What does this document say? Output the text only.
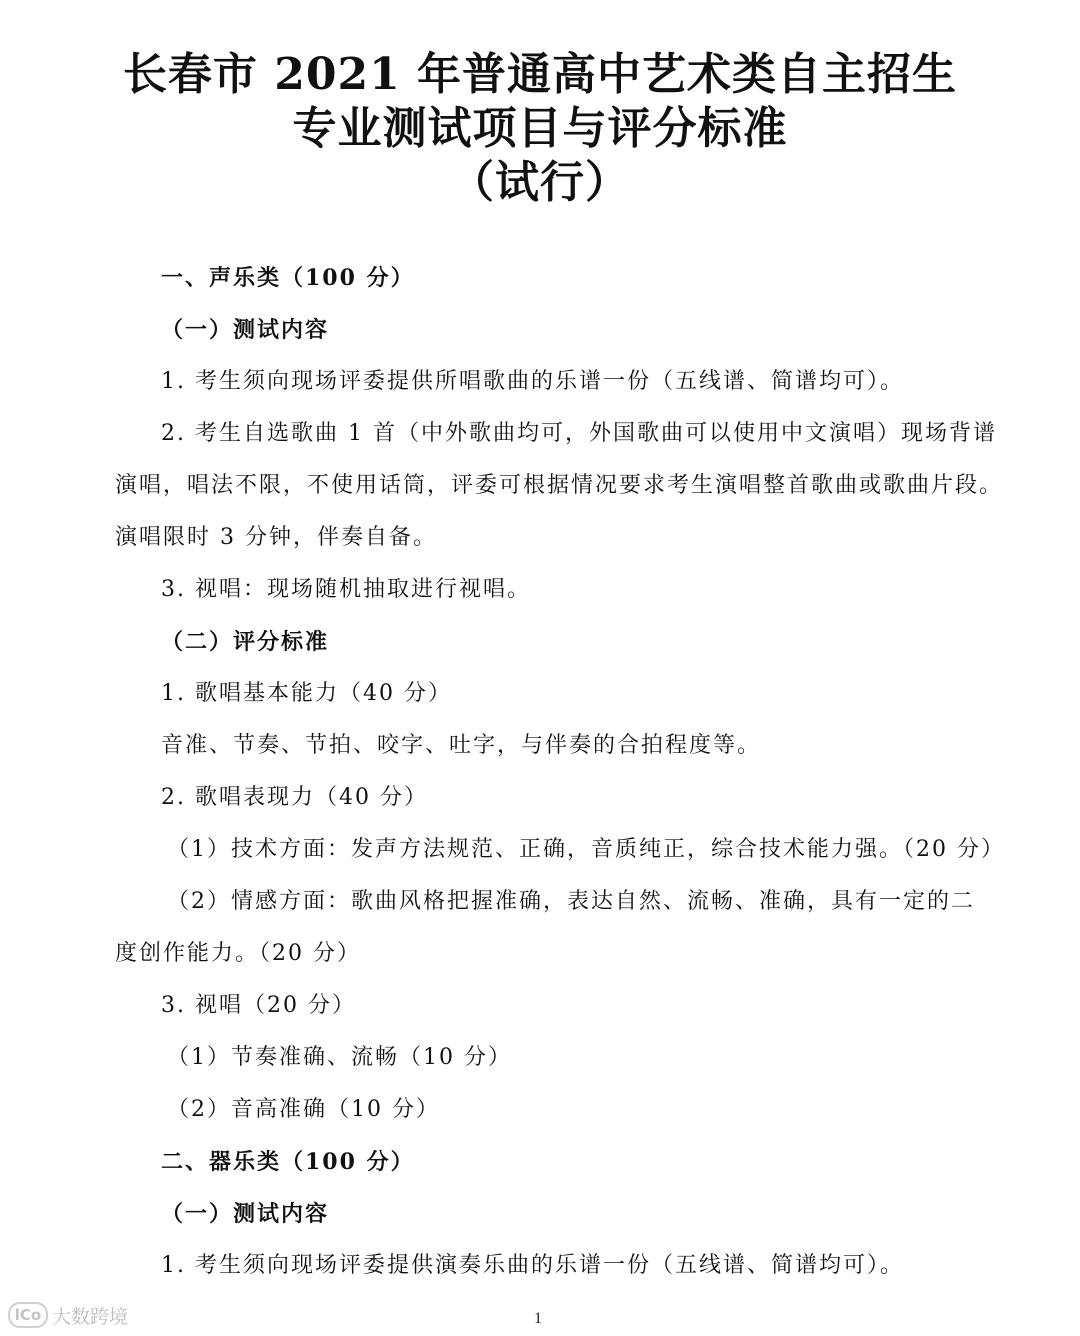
长春市 2021 年普通高中艺术类自主招生
专业测试项目与评分标准
（试行）
一、声乐类（100 分）
（一）测试内容
1. 考生须向现场评委提供所唱歌曲的乐谱一份（五线谱、简谱均可）。
2. 考生自选歌曲 1 首（中外歌曲均可，外国歌曲可以使用中文演唱）现场背谱
演唱，唱法不限，不使用话筒，评委可根据情况要求考生演唱整首歌曲或歌曲片段。
演唱限时 3 分钟，伴奏自备。
3. 视唱：现场随机抽取进行视唱。
（二）评分标准
1. 歌唱基本能力（40 分）
音准、节奏、节拍、咬字、吐字，与伴奏的合拍程度等。
2. 歌唱表现力（40 分）
（1）技术方面：发声方法规范、正确，音质纯正，综合技术能力强。（20 分）
（2）情感方面：歌曲风格把握准确，表达自然、流畅、准确，具有一定的二
度创作能力。（20 分）
3. 视唱（20 分）
（1）节奏准确、流畅（10 分）
（2）音高准确（10 分）
二、器乐类（100 分）
（一）测试内容
1. 考生须向现场评委提供演奏乐曲的乐谱一份（五线谱、简谱均可）。
lCo 大数跨境	1
